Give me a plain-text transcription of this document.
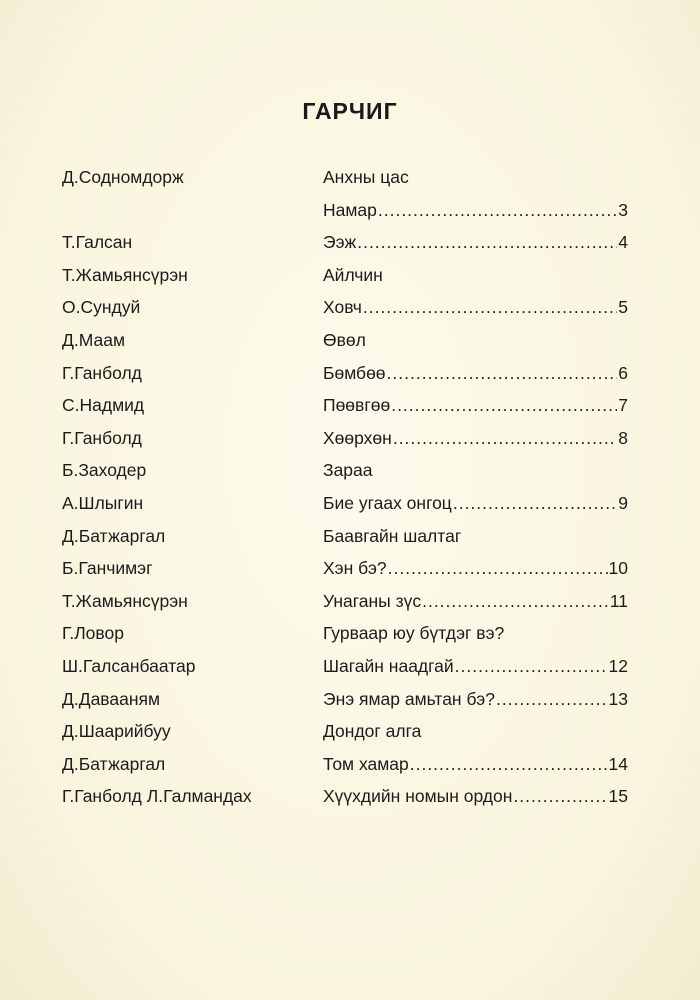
ГАРЧИГ
Д.Содномдорж	Анхны цас
Намар .....	3
Т.Галсан	Ээж .....	4
Т.Жамьянсүрэн	Айлчин
О.Сундуй	Ховч .....	5
Д.Маам	Өвөл
Г.Ганболд	Бөмбөө .....	6
С.Надмид	Пөөвгөө .....	7
Г.Ганболд	Хөөрхөн .....	8
Б.Заходер	Зараа
А.Шлыгин	Бие угаах онгоц .....	9
Д.Батжаргал	Баавгайн шалтаг
Б.Ганчимэг	Хэн бэ? .....	10
Т.Жамьянсүрэн	Унаганы зүс .....	11
Г.Ловор	Гурваар юу бүтдэг вэ?
Ш.Галсанбаатар	Шагайн наадгай .....	12
Д.Давааням	Энэ ямар амьтан бэ? .....	13
Д.Шаарийбуу	Дондог алга
Д.Батжаргал	Том хамар .....	14
Г.Ганболд Л.Галмандах	Хүүхдийн номын ордон .....	15
